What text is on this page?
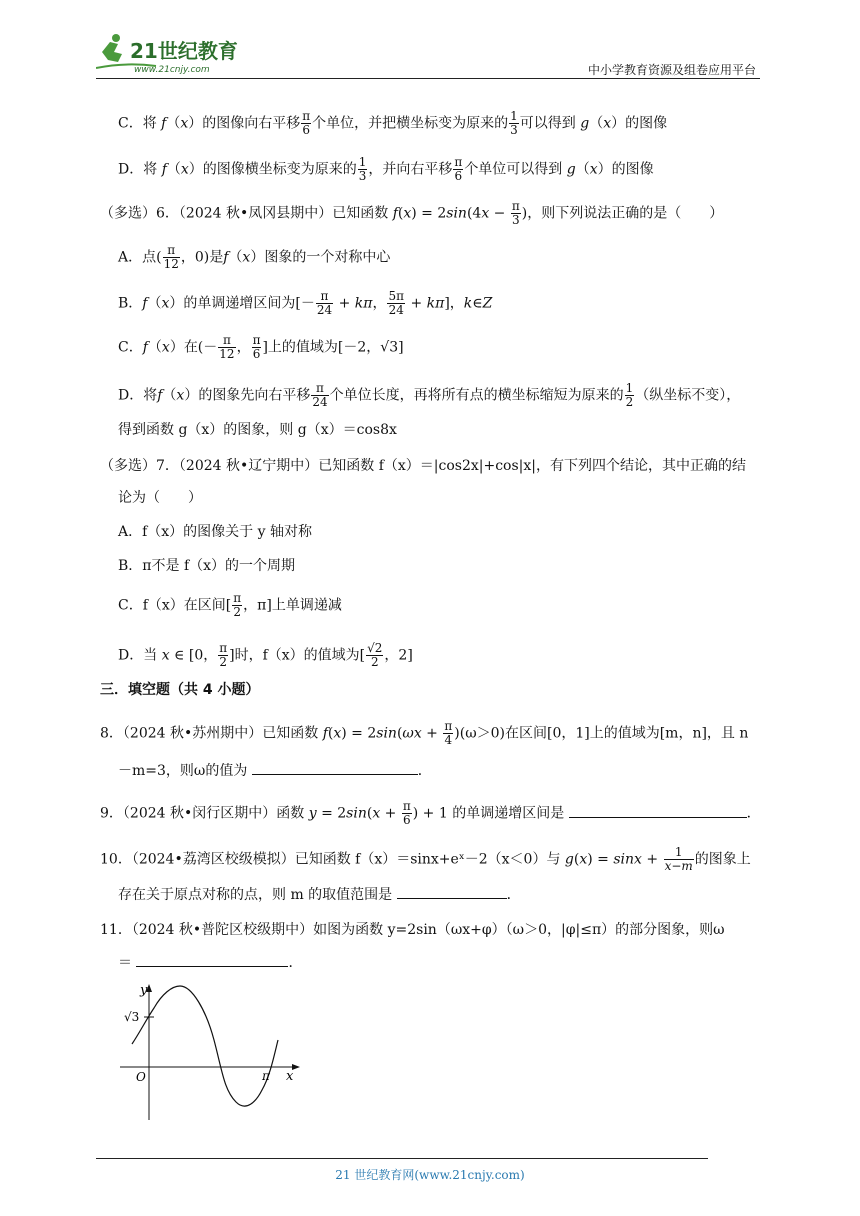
21世纪教育
www.21cnjy.com	中小学教育资源及组卷应用平台
C．将 f（x）的图像向右平移 $\frac{\pi}{6}$ 个单位，并把横坐标变为原来的 $\frac{1}{3}$ 可以得到 g（x）的图像
D．将 f（x）的图像横坐标变为原来的 $\frac{1}{3}$ ，并向右平移 $\frac{\pi}{6}$ 个单位可以得到 g（x）的图像
（多选）6．（2024 秋•凤冈县期中）已知函数 $f(x) = 2\sin(4x - \frac{\pi}{3}$ )，则下列说法正确的是（　　）
A．点( $\frac{\pi}{12}$ ，0)是f（x）图象的一个对称中心
B．f（x）的单调递增区间为[－ $\frac{\pi}{24} + k\pi$， $\frac{5\pi}{24} + k\pi$]，k∈Z
C．f（x）在(－ $\frac{\pi}{12}$ ， $\frac{\pi}{6}$ ]上的值域为[－2，√3]
D．将f（x）的图象先向右平移 $\frac{\pi}{24}$ 个单位长度，再将所有点的横坐标缩短为原来的 $\frac{1}{2}$ （纵坐标不变），
得到函数 g（x）的图象，则 g（x）＝cos8x
（多选）7．（2024 秋•辽宁期中）已知函数 f（x）＝|cos2x|+cos|x|，有下列四个结论，其中正确的结
论为（　　）
A．f（x）的图像关于 y 轴对称
B．π不是 f（x）的一个周期
C．f（x）在区间[ $\frac{\pi}{2}$ ，π]上单调递减
D．当 x ∈ [0， $\frac{\pi}{2}$ ]时，f（x）的值域为[ $\frac{√2}{2}$ ，2]
三．填空题（共 4 小题）
8．（2024 秋•苏州期中）已知函数 $f(x) = 2\sin(\omega x + \frac{\pi}{4} )(\omega>0)$在区间[0，1]上的值域为[m，n]，且 n
－m=3，则ω的值为	．
9．（2024 秋•闵行区期中）函数 $y = 2\sin(x + \frac{\pi}{6}$ ) + 1 的单调递增区间是	．
10．（2024•荔湾区校级模拟）已知函数 f（x）＝sinx+eˣ－2（x＜0）与 $g(x) = \sin x + \frac{1}{x-m}$ 的图象上
存在关于原点对称的点，则 m 的取值范围是	．
11．（2024 秋•普陀区校级期中）如图为函数 y=2sin（ωx+φ）（ω＞0，|φ|≤π）的部分图象，则ω
＝	．
y
x
O
√3
π
21 世纪教育网(www.21cnjy.com)
